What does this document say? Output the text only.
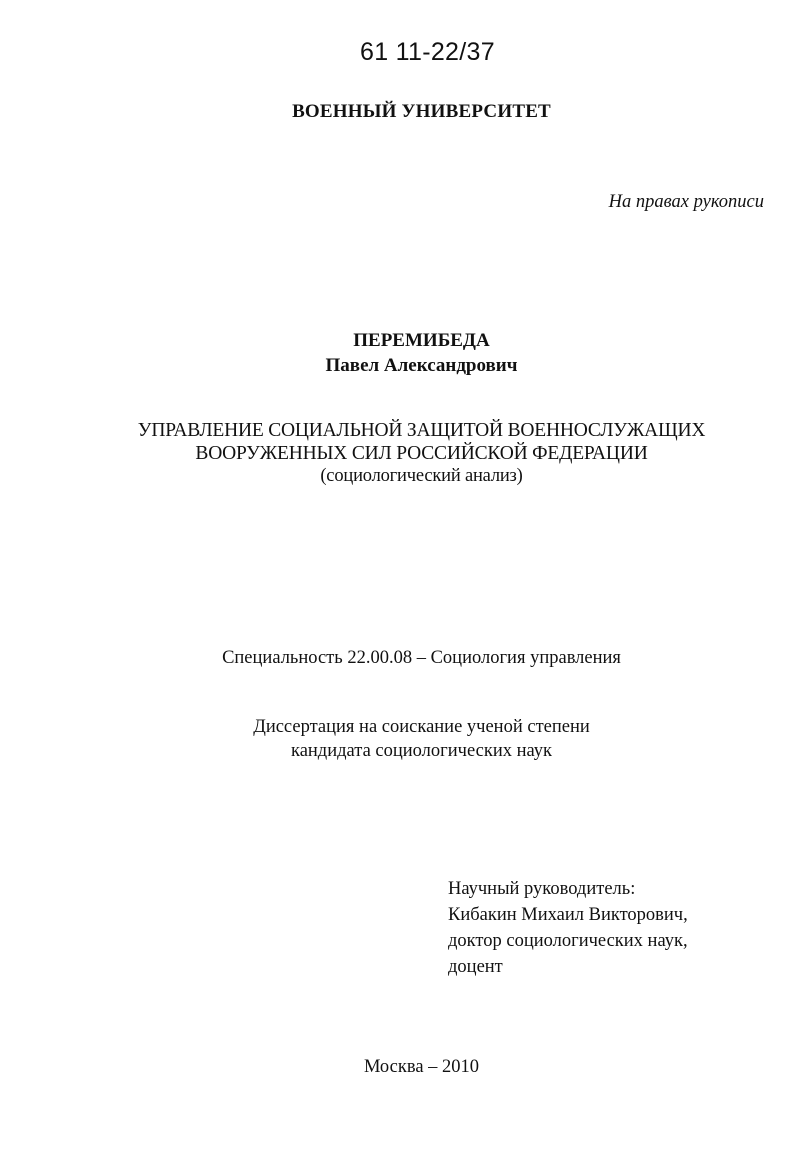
61 11-22/37
ВОЕННЫЙ УНИВЕРСИТЕТ
На правах рукописи
ПЕРЕМИБЕДА
Павел Александрович
УПРАВЛЕНИЕ СОЦИАЛЬНОЙ ЗАЩИТОЙ ВОЕННОСЛУЖАЩИХ
ВООРУЖЕННЫХ СИЛ РОССИЙСКОЙ ФЕДЕРАЦИИ
(социологический анализ)
Специальность 22.00.08 – Социология управления
Диссертация на соискание ученой степени
кандидата социологических наук
Научный руководитель:
Кибакин Михаил Викторович,
доктор социологических наук,
доцент
Москва – 2010
